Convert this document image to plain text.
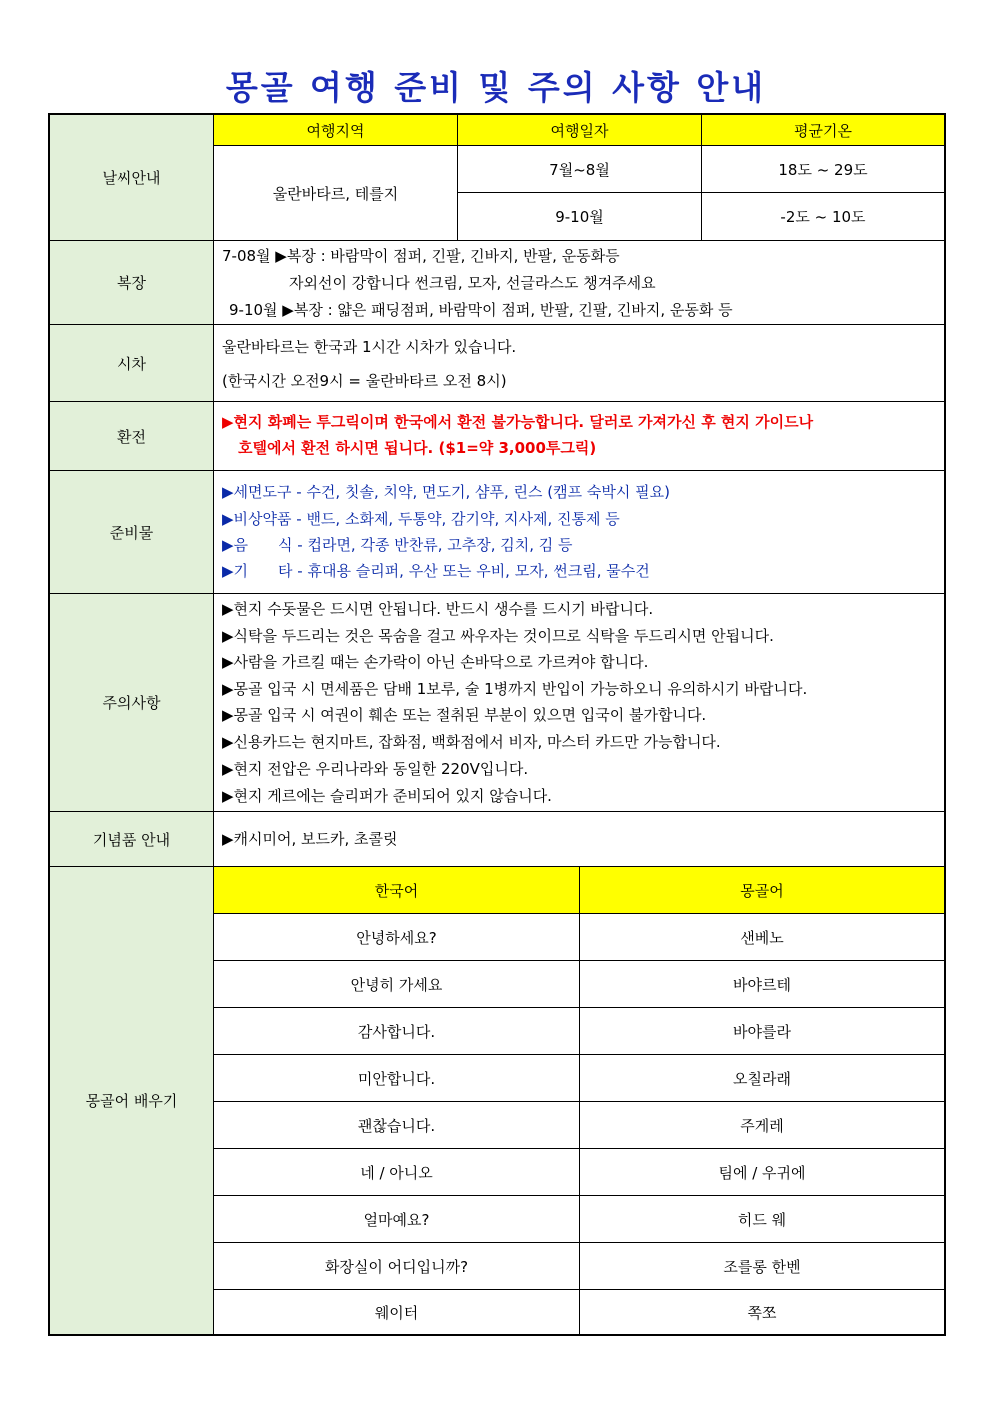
몽골 여행 준비 및 주의 사항 안내
날씨안내
여행지역	여행일자	평균기온
울란바타르, 테를지
7월~8월	18도 ~ 29도
9-10월	-2도 ~ 10도
복장
7-08월 ▶복장 : 바람막이 점퍼, 긴팔, 긴바지, 반팔, 운동화등
자외선이 강합니다 썬크림, 모자, 선글라스도 챙겨주세요
9-10월 ▶복장 : 얇은 패딩점퍼, 바람막이 점퍼, 반팔, 긴팔, 긴바지, 운동화 등
시차
울란바타르는 한국과 1시간 시차가 있습니다.
(한국시간 오전9시 = 울란바타르 오전 8시)
환전
▶현지 화폐는 투그릭이며 한국에서 환전 불가능합니다. 달러로 가져가신 후 현지 가이드나
호텔에서 환전 하시면 됩니다. ($1=약 3,000투그릭)
준비물
▶세면도구 - 수건, 칫솔, 치약, 면도기, 샴푸, 린스 (캠프 숙박시 필요)
▶비상약품 - 밴드, 소화제, 두통약, 감기약, 지사제, 진통제 등
▶음　　식 - 컵라면, 각종 반찬류, 고추장, 김치, 김 등
▶기　　타 - 휴대용 슬리퍼, 우산 또는 우비, 모자, 썬크림, 물수건
주의사항
▶현지 수돗물은 드시면 안됩니다. 반드시 생수를 드시기 바랍니다.
▶식탁을 두드리는 것은 목숨을 걸고 싸우자는 것이므로 식탁을 두드리시면 안됩니다.
▶사람을 가르킬 때는 손가락이 아닌 손바닥으로 가르켜야 합니다.
▶몽골 입국 시 면세품은 담배 1보루, 술 1병까지 반입이 가능하오니 유의하시기 바랍니다.
▶몽골 입국 시 여권이 훼손 또는 절취된 부분이 있으면 입국이 불가합니다.
▶신용카드는 현지마트, 잡화점, 백화점에서 비자, 마스터 카드만 가능합니다.
▶현지 전압은 우리나라와 동일한 220V입니다.
▶현지 게르에는 슬리퍼가 준비되어 있지 않습니다.
기념품 안내	▶캐시미어, 보드카, 초콜릿
몽골어 배우기
한국어	몽골어
안녕하세요?	샌베노
안녕히 가세요	바야르테
감사합니다.	바야를라
미안합니다.	오칠라래
괜찮습니다.	주게레
네 / 아니오	팀에 / 우귀에
얼마예요?	히드 웨
화장실이 어디입니까?	조를롱 한벤
웨이터	쪽쪼
